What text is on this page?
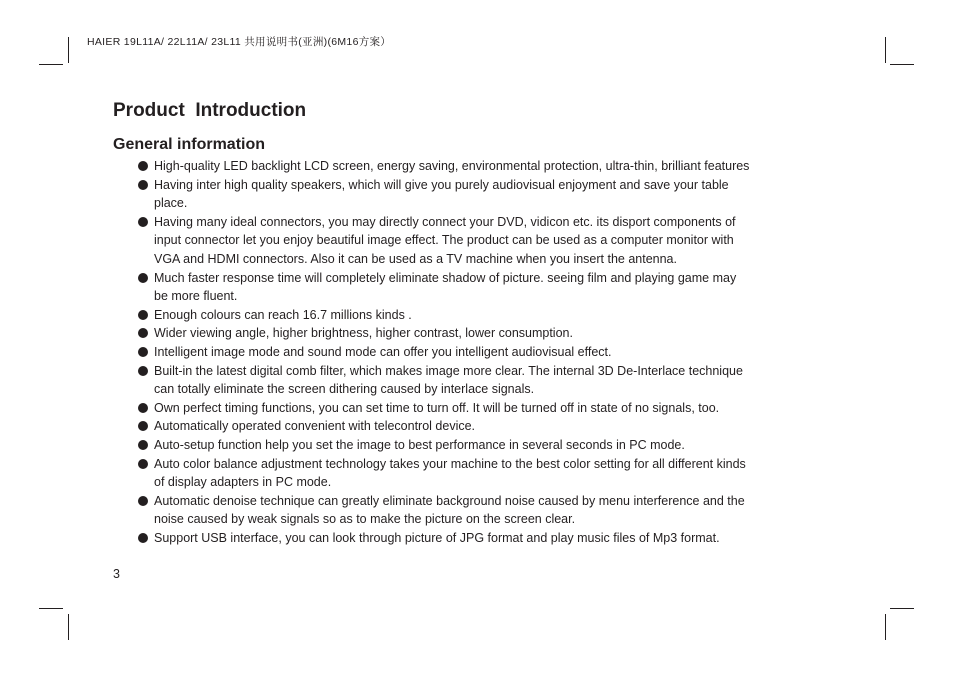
HAIER 19L11A/ 22L11A/ 23L11 共用说明书(亚洲)(6M16方案）
Product  Introduction
General information
High-quality LED backlight LCD screen, energy saving, environmental protection, ultra-thin, brilliant features
Having inter high quality speakers, which will give you purely audiovisual enjoyment and save your table
place.
Having many ideal connectors, you may directly connect your DVD, vidicon etc. its disport components of
input connector let you enjoy beautiful image effect. The product can be used as a computer monitor with
VGA and HDMI connectors. Also it can be used as a TV machine when you insert the antenna.
Much faster response time will completely eliminate shadow of picture. seeing film and playing game may
be more fluent.
Enough colours can reach 16.7 millions kinds .
Wider viewing angle, higher brightness, higher contrast, lower consumption.
Intelligent image mode and sound mode can offer you intelligent audiovisual effect.
Built-in the latest digital comb filter, which makes image more clear. The internal 3D De-Interlace technique
can totally eliminate the screen dithering caused by interlace signals.
Own perfect timing functions, you can set time to turn off. It will be turned off in state of no signals, too.
Automatically operated convenient with telecontrol device.
Auto-setup function help you set the image to best performance in several seconds in PC mode.
Auto color balance adjustment technology takes your machine to the best color setting for all different kinds
of display adapters in PC mode.
Automatic denoise technique can greatly eliminate background noise caused by menu interference and the
noise caused by weak signals so as to make the picture on the screen clear.
Support USB interface, you can look through picture of JPG format and play music files of Mp3 format.
3
